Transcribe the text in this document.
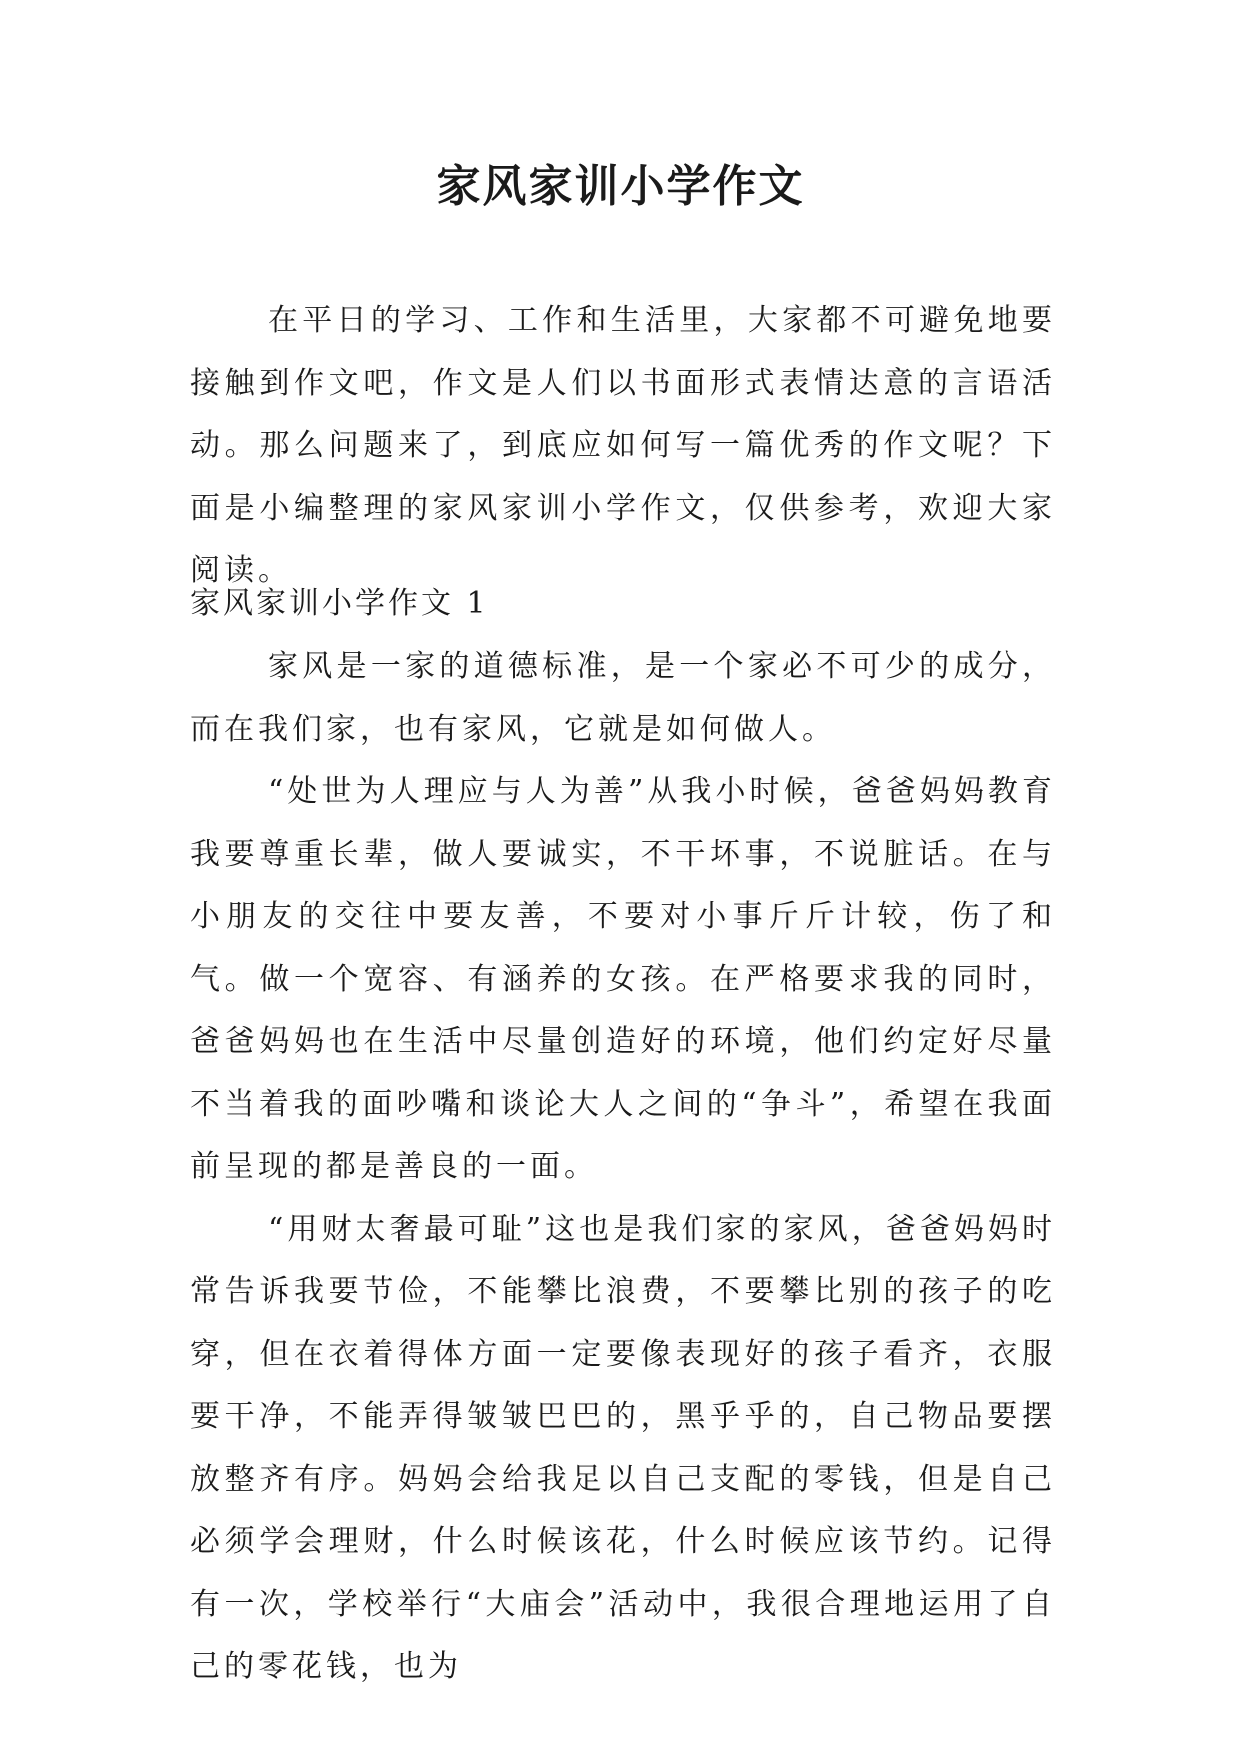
家风家训小学作文

在平日的学习、工作和生活里，大家都不可避免地要接触到作文吧，作文是人们以书面形式表情达意的言语活动。那么问题来了，到底应如何写一篇优秀的作文呢？下面是小编整理的家风家训小学作文，仅供参考，欢迎大家阅读。

家风家训小学作文 1

家风是一家的道德标准，是一个家必不可少的成分，而在我们家，也有家风，它就是如何做人。

“处世为人理应与人为善”从我小时候，爸爸妈妈教育我要尊重长辈，做人要诚实，不干坏事，不说脏话。在与小朋友的交往中要友善，不要对小事斤斤计较，伤了和气。做一个宽容、有涵养的女孩。在严格要求我的同时，爸爸妈妈也在生活中尽量创造好的环境，他们约定好尽量不当着我的面吵嘴和谈论大人之间的“争斗”，希望在我面前呈现的都是善良的一面。

“用财太奢最可耻”这也是我们家的家风，爸爸妈妈时常告诉我要节俭，不能攀比浪费，不要攀比别的孩子的吃穿，但在衣着得体方面一定要像表现好的孩子看齐，衣服要干净，不能弄得皱皱巴巴的，黑乎乎的，自己物品要摆放整齐有序。妈妈会给我足以自己支配的零钱，但是自己必须学会理财，什么时候该花，什么时候应该节约。记得有一次，学校举行“大庙会”活动中，我很合理地运用了自己的零花钱，也为
